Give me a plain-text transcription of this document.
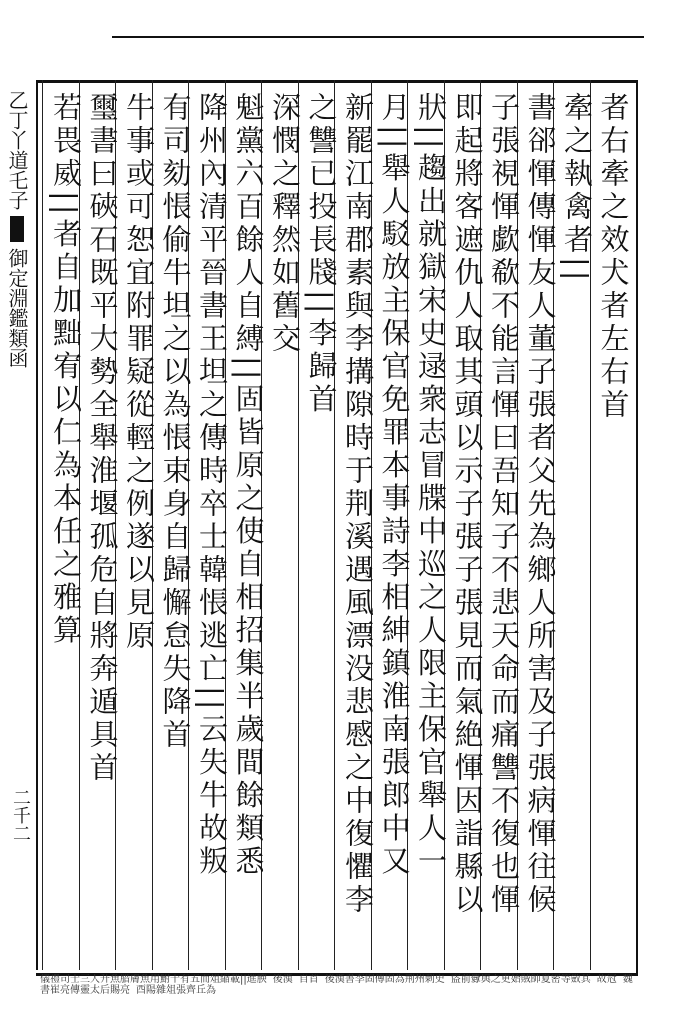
乙丁丫道乇子
御定淵鑑類函
二千二
者右牽之效犬者左右首
牽之執禽者||
書郤惲傳惲友人董子張者父先為鄉人所害及子張病惲往候
子張視惲歔欷不能言惲曰吾知子不悲天命而痛讐不復也惲
即起將客遮仇人取其頭以示子張子張見而氣絶惲因詣縣以
狀||趨出就獄宋史逯衆志冒牒中巡之人限主保官舉人一
月||舉人駁放主保官免罪本事詩李相紳鎮淮南張郎中又
新罷江南郡素與李搆隙時于荆溪遇風漂没悲慼之中復懼李
之讐已投長牋||李歸首
深憫之釋然如舊交
魁黨六百餘人自縛||固皆原之使自相招集半歲間餘類悉
降州內清平晉書王坦之傳時卒士韓悵逃亡||云失牛故叛
有司劾悵偷牛坦之以為悵束身自歸懈怠失降首
牛事或可恕宜附罪疑從輕之例遂以見原
璽書曰硤石既平大勢全舉淮堰孤危自將奔遁具首
若畏威||者自加黜宥以仁為本任之雅算
儀禮司士三人升魚腊膚魚用鮒十有五而俎縮載||進腴 後漢 自首 後漢書李固傳固為荆州刺史 盜前釁與之更始賊帥夏密等斂其 故冠 魏書崔亮傳靈太后賜亮 酉陽雜俎張齊丘為
